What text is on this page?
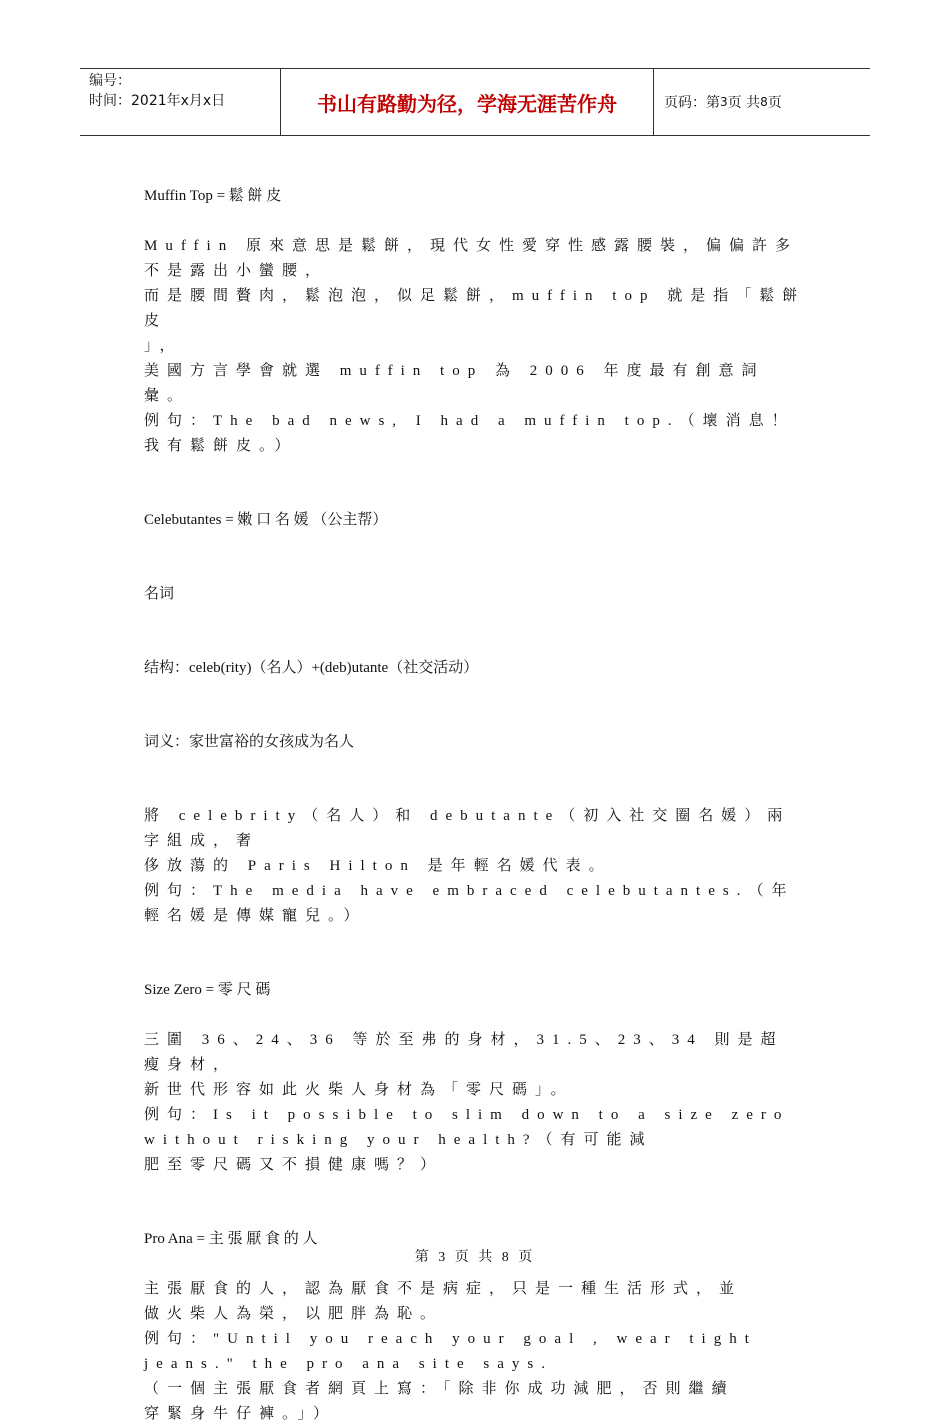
编号：
时间：2021年x月x日	书山有路勤为径，学海无涯苦作舟	页码：第 3 页 共 8 页

Muffin Top = 鬆 餅 皮

Muffin 原來意思是鬆餅，現代女性愛穿性感露腰裝，偏偏許多

不是露出小蠻腰，

而是腰間贅肉，鬆泡泡，似足鬆餅，muffin top 就是指「鬆餅皮

」，

美國方言學會就選 muffin top 為 2006 年度最有創意詞彙。

例句：The bad news, I had a muffin top.（壞消息！我有鬆餅皮。）

Celebutantes = 嫩 口 名 媛 （公主帮）

名词

结构：celeb(rity)（名人）+(deb)utante（社交活动）

词义：家世富裕的女孩成为名人

將 celebrity（名人）和 debutante（初入社交圈名媛）兩字組成，奢

侈放蕩的 Paris Hilton 是年輕名媛代表。

例句：The media have embraced celebutantes.（年輕名媛是傳媒寵兒。）

Size Zero = 零 尺 碼

三圍 36、24、36 等於至弗的身材，31.5、23、34 則是超瘦身材，

新世代形容如此火柴人身材為「零尺碼」。

例句：Is it possible to slim down to a size zero without risking your health?（有可能減

肥至零尺碼又不損健康嗎？）

Pro Ana = 主 張 厭 食 的 人

主張厭食的人，認為厭食不是病症，只是一種生活形式，並

做火柴人為榮，以肥胖為恥。

例句："Until you reach your goal , wear tight jeans." the pro ana site says.

（一個主張厭食者網頁上寫：「除非你成功減肥，否則繼續

穿緊身牛仔褲。」）

第 3 页 共 8 页
